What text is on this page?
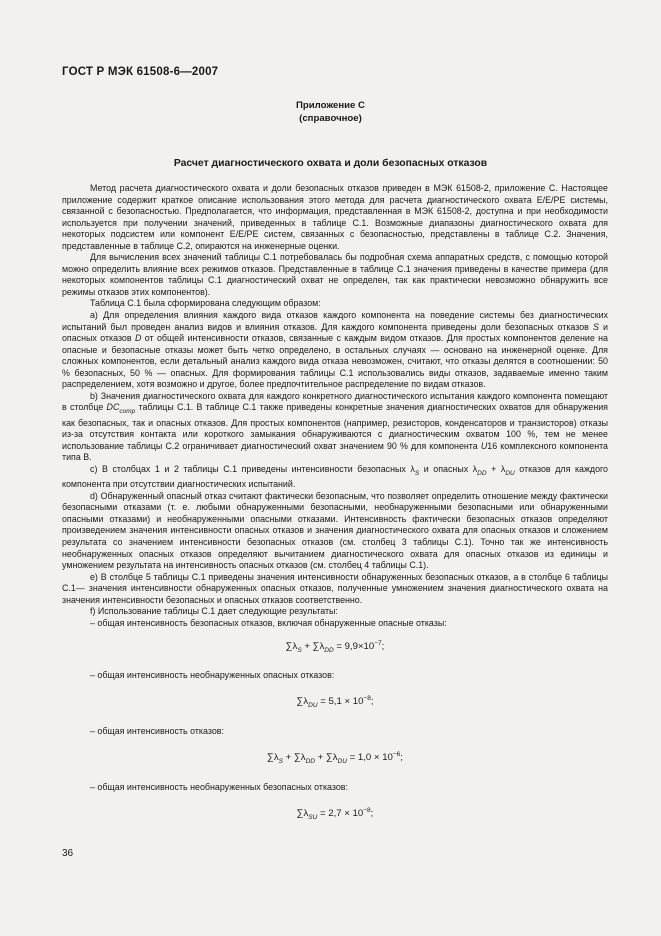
ГОСТ Р МЭК 61508-6—2007
Приложение С
(справочное)
Расчет диагностического охвата и доли безопасных отказов

Метод расчета диагностического охвата и доли безопасных отказов приведен в МЭК 61508-2, приложение С. Настоящее приложение содержит краткое описание использования этого метода для расчета диагностического охвата E/E/PE системы, связанной с безопасностью. Предполагается, что информация, представленная в МЭК 61508-2, доступна и при необходимости используется при получении значений, приведенных в таблице С.1. Возможные диапазоны диагностического охвата для некоторых подсистем или компонент E/E/PE систем, связанных с безопасностью, представлены в таблице С.2. Значения, представленные в таблице С.2, опираются на инженерные оценки.

Для вычисления всех значений таблицы С.1 потребовалась бы подробная схема аппаратных средств, с помощью которой можно определить влияние всех режимов отказов. Представленные в таблице С.1 значения приведены в качестве примера (для некоторых компонентов таблицы С.1 диагностический охват не определен, так как практически невозможно обнаружить все режимы отказов этих компонентов).

Таблица С.1 была сформирована следующим образом:

а) Для определения влияния каждого вида отказов каждого компонента на поведение системы без диагностических испытаний был проведен анализ видов и влияния отказов. Для каждого компонента приведены доли безопасных отказов S и опасных отказов D от общей интенсивности отказов, связанные с каждым видом отказов. Для простых компонентов деление на опасные и безопасные отказы может быть четко определено, в остальных случаях — основано на инженерной оценке. Для сложных компонентов, если детальный анализ каждого вида отказа невозможен, считают, что отказы делятся в соотношении: 50 % безопасных, 50 % — опасных. Для формирования таблицы С.1 использовались виды отказов, задаваемые именно таким распределением, хотя возможно и другое, более предпочтительное распределение по видам отказов.

b) Значения диагностического охвата для каждого конкретного диагностического испытания каждого компонента помещают в столбце $DC_{comp}$ таблицы С.1. В таблице С.1 также приведены конкретные значения диагностических охватов для обнаружения как безопасных, так и опасных отказов. Для простых компонентов (например, резисторов, конденсаторов и транзисторов) отказы из-за отсутствия контакта или короткого замыкания обнаруживаются с диагностическим охватом 100 %, тем не менее использование таблицы С.2 ограничивает диагностический охват значением 90 % для компонента U16 комплексного компонента типа В.

с) В столбцах 1 и 2 таблицы С.1 приведены интенсивности безопасных $\lambda_S$ и опасных $\lambda_{DD} + \lambda_{DU}$ отказов для каждого компонента при отсутствии диагностических испытаний.

d) Обнаруженный опасный отказ считают фактически безопасным, что позволяет определить отношение между фактически безопасными отказами (т. е. любыми обнаруженными безопасными, необнаруженными безопасными или обнаруженными опасными отказами) и необнаруженными опасными отказами. Интенсивность фактически безопасных отказов определяют произведением значения интенсивности опасных отказов и значения диагностического охвата для опасных отказов и сложением результата со значением интенсивности безопасных отказов (см. столбец 3 таблицы С.1). Точно так же интенсивность необнаруженных опасных отказов определяют вычитанием диагностического охвата для опасных отказов из единицы и умножением результата на интенсивность опасных отказов (см. столбец 4 таблицы С.1).

е) В столбце 5 таблицы С.1 приведены значения интенсивности обнаруженных безопасных отказов, а в столбце 6 таблицы С.1— значения интенсивности обнаруженных опасных отказов, полученные умножением значения диагностического охвата на значения интенсивности безопасных и опасных отказов соответственно.

f) Использование таблицы С.1 дает следующие результаты:

– общая интенсивность безопасных отказов, включая обнаруженные опасные отказы:

$\sum\lambda_S + \sum\lambda_{DD} = 9,9\times 10^{-7}$;

– общая интенсивность необнаруженных опасных отказов:

$\sum\lambda_{DU} = 5,1 \times 10^{-8}$;

– общая интенсивность отказов:

$\sum\lambda_S + \sum\lambda_{DD} + \sum\lambda_{DU} = 1,0 \times 10^{-6}$;

– общая интенсивность необнаруженных безопасных отказов:

$\sum\lambda_{SU} = 2,7 \times 10^{-8}$;
36
